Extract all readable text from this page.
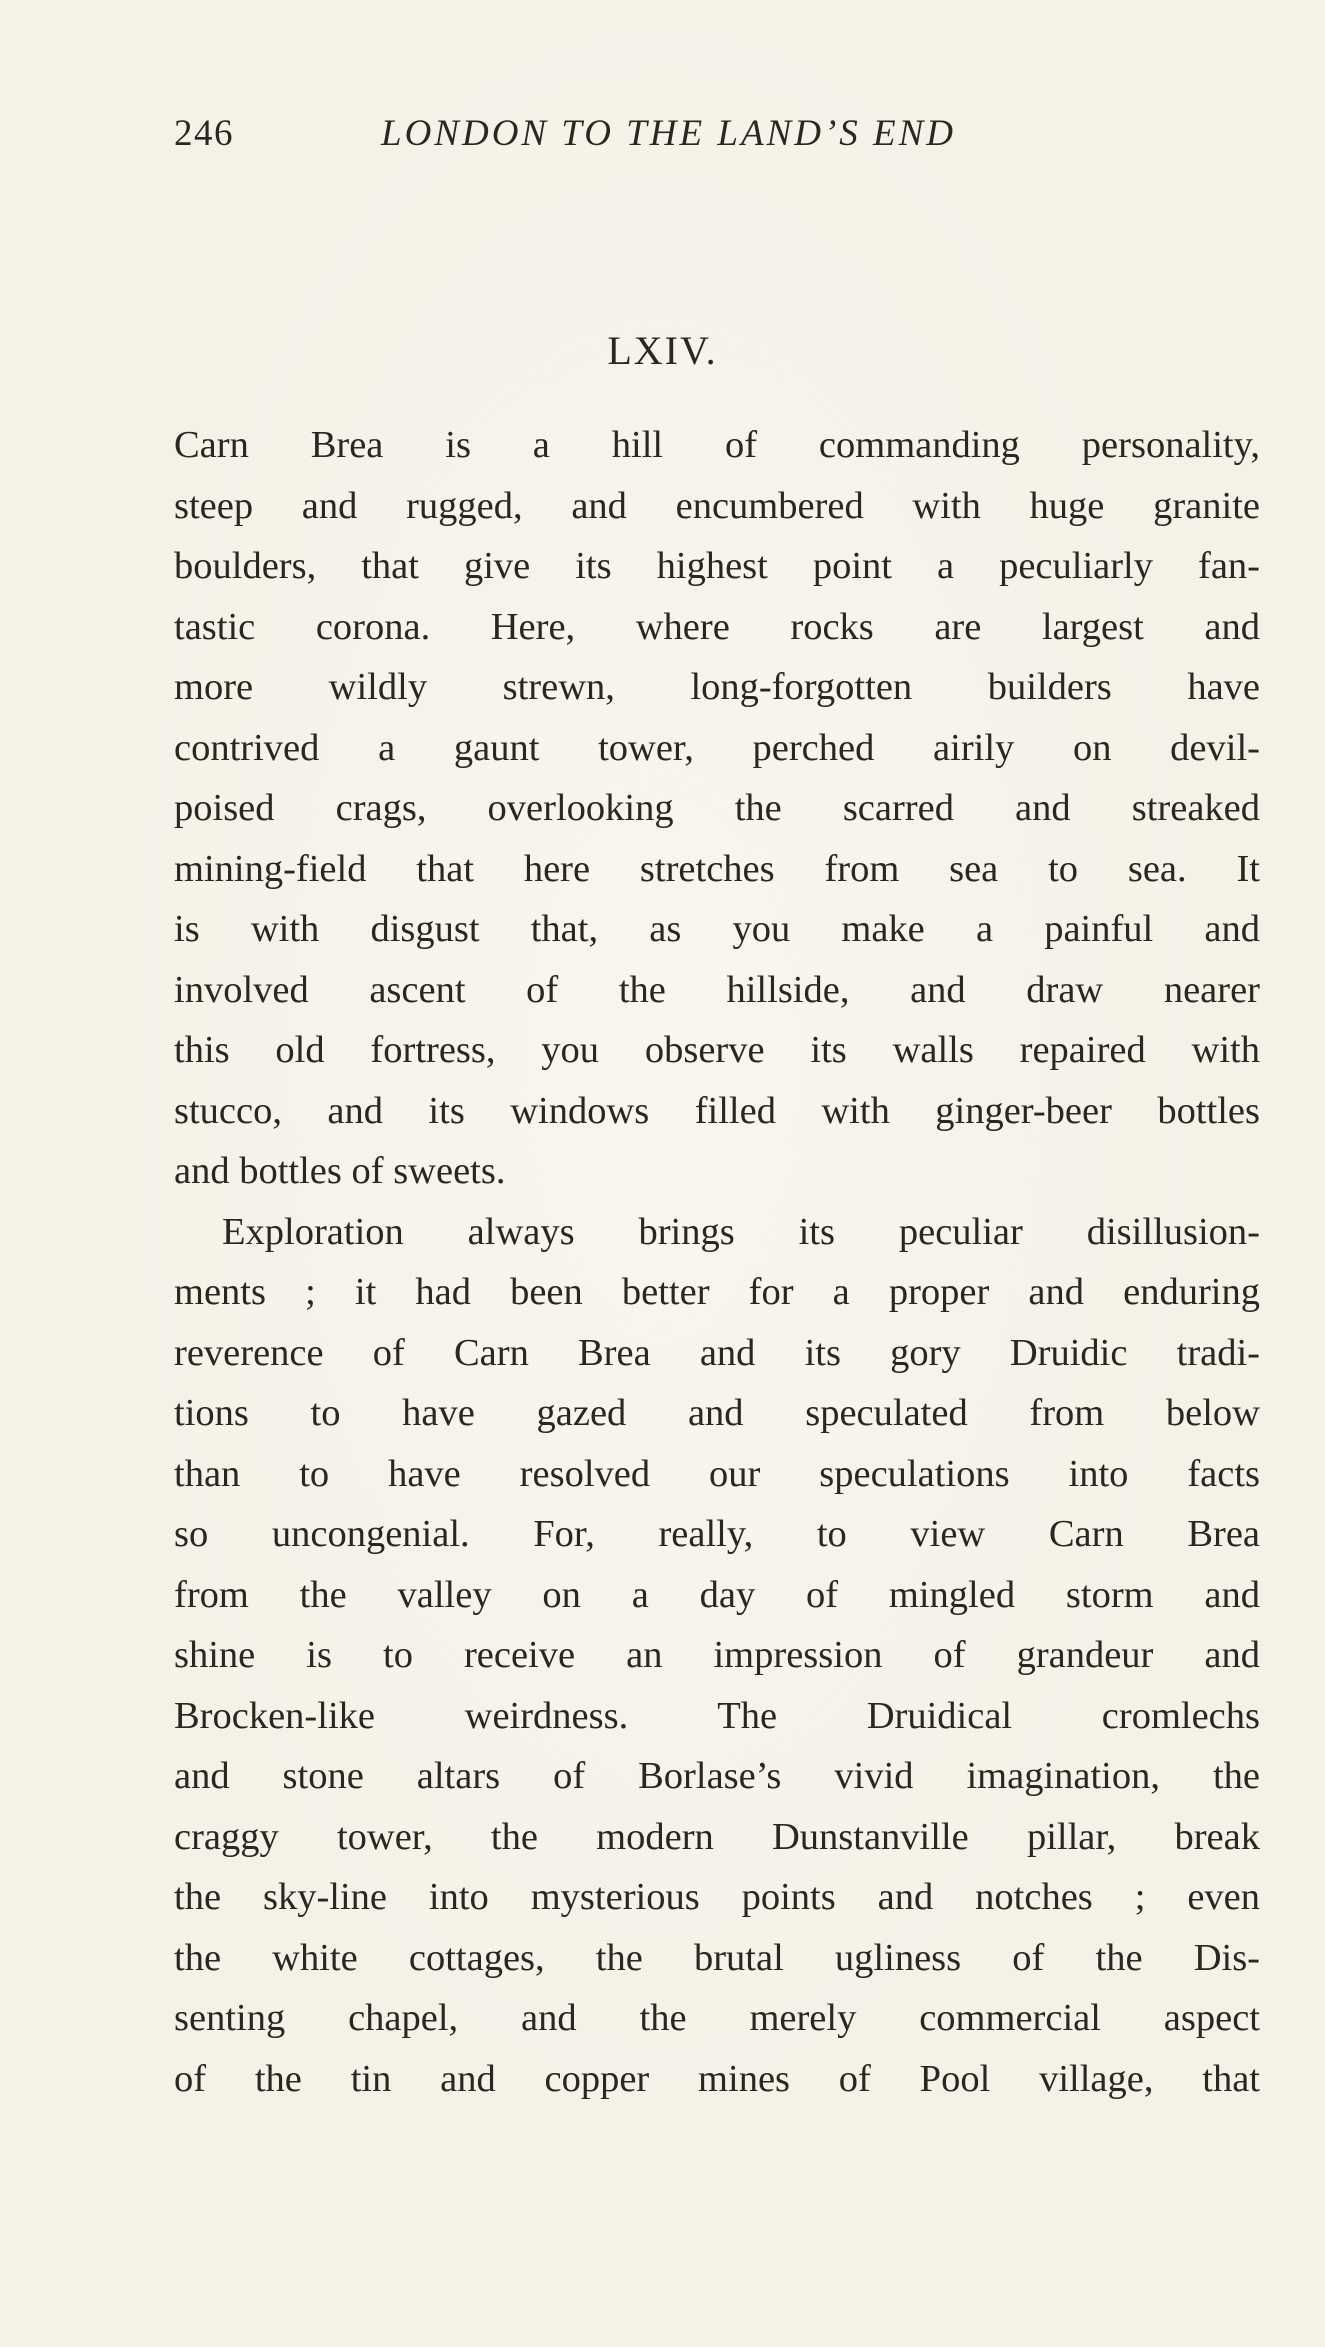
246	LONDON TO THE LAND’S END
LXIV.

Carn Brea is a hill of commanding personality,

steep and rugged, and encumbered with huge granite

boulders, that give its highest point a peculiarly fan-

tastic corona. Here, where rocks are largest and

more wildly strewn, long-forgotten builders have

contrived a gaunt tower, perched airily on devil-

poised crags, overlooking the scarred and streaked

mining-field that here stretches from sea to sea. It

is with disgust that, as you make a painful and

involved ascent of the hillside, and draw nearer

this old fortress, you observe its walls repaired with

stucco, and its windows filled with ginger-beer bottles

and bottles of sweets.

Exploration always brings its peculiar disillusion-

ments ; it had been better for a proper and enduring

reverence of Carn Brea and its gory Druidic tradi-

tions to have gazed and speculated from below

than to have resolved our speculations into facts

so uncongenial. For, really, to view Carn Brea

from the valley on a day of mingled storm and

shine is to receive an impression of grandeur and

Brocken-like weirdness. The Druidical cromlechs

and stone altars of Borlase’s vivid imagination, the

craggy tower, the modern Dunstanville pillar, break

the sky-line into mysterious points and notches ; even

the white cottages, the brutal ugliness of the Dis-

senting chapel, and the merely commercial aspect

of the tin and copper mines of Pool village, that
